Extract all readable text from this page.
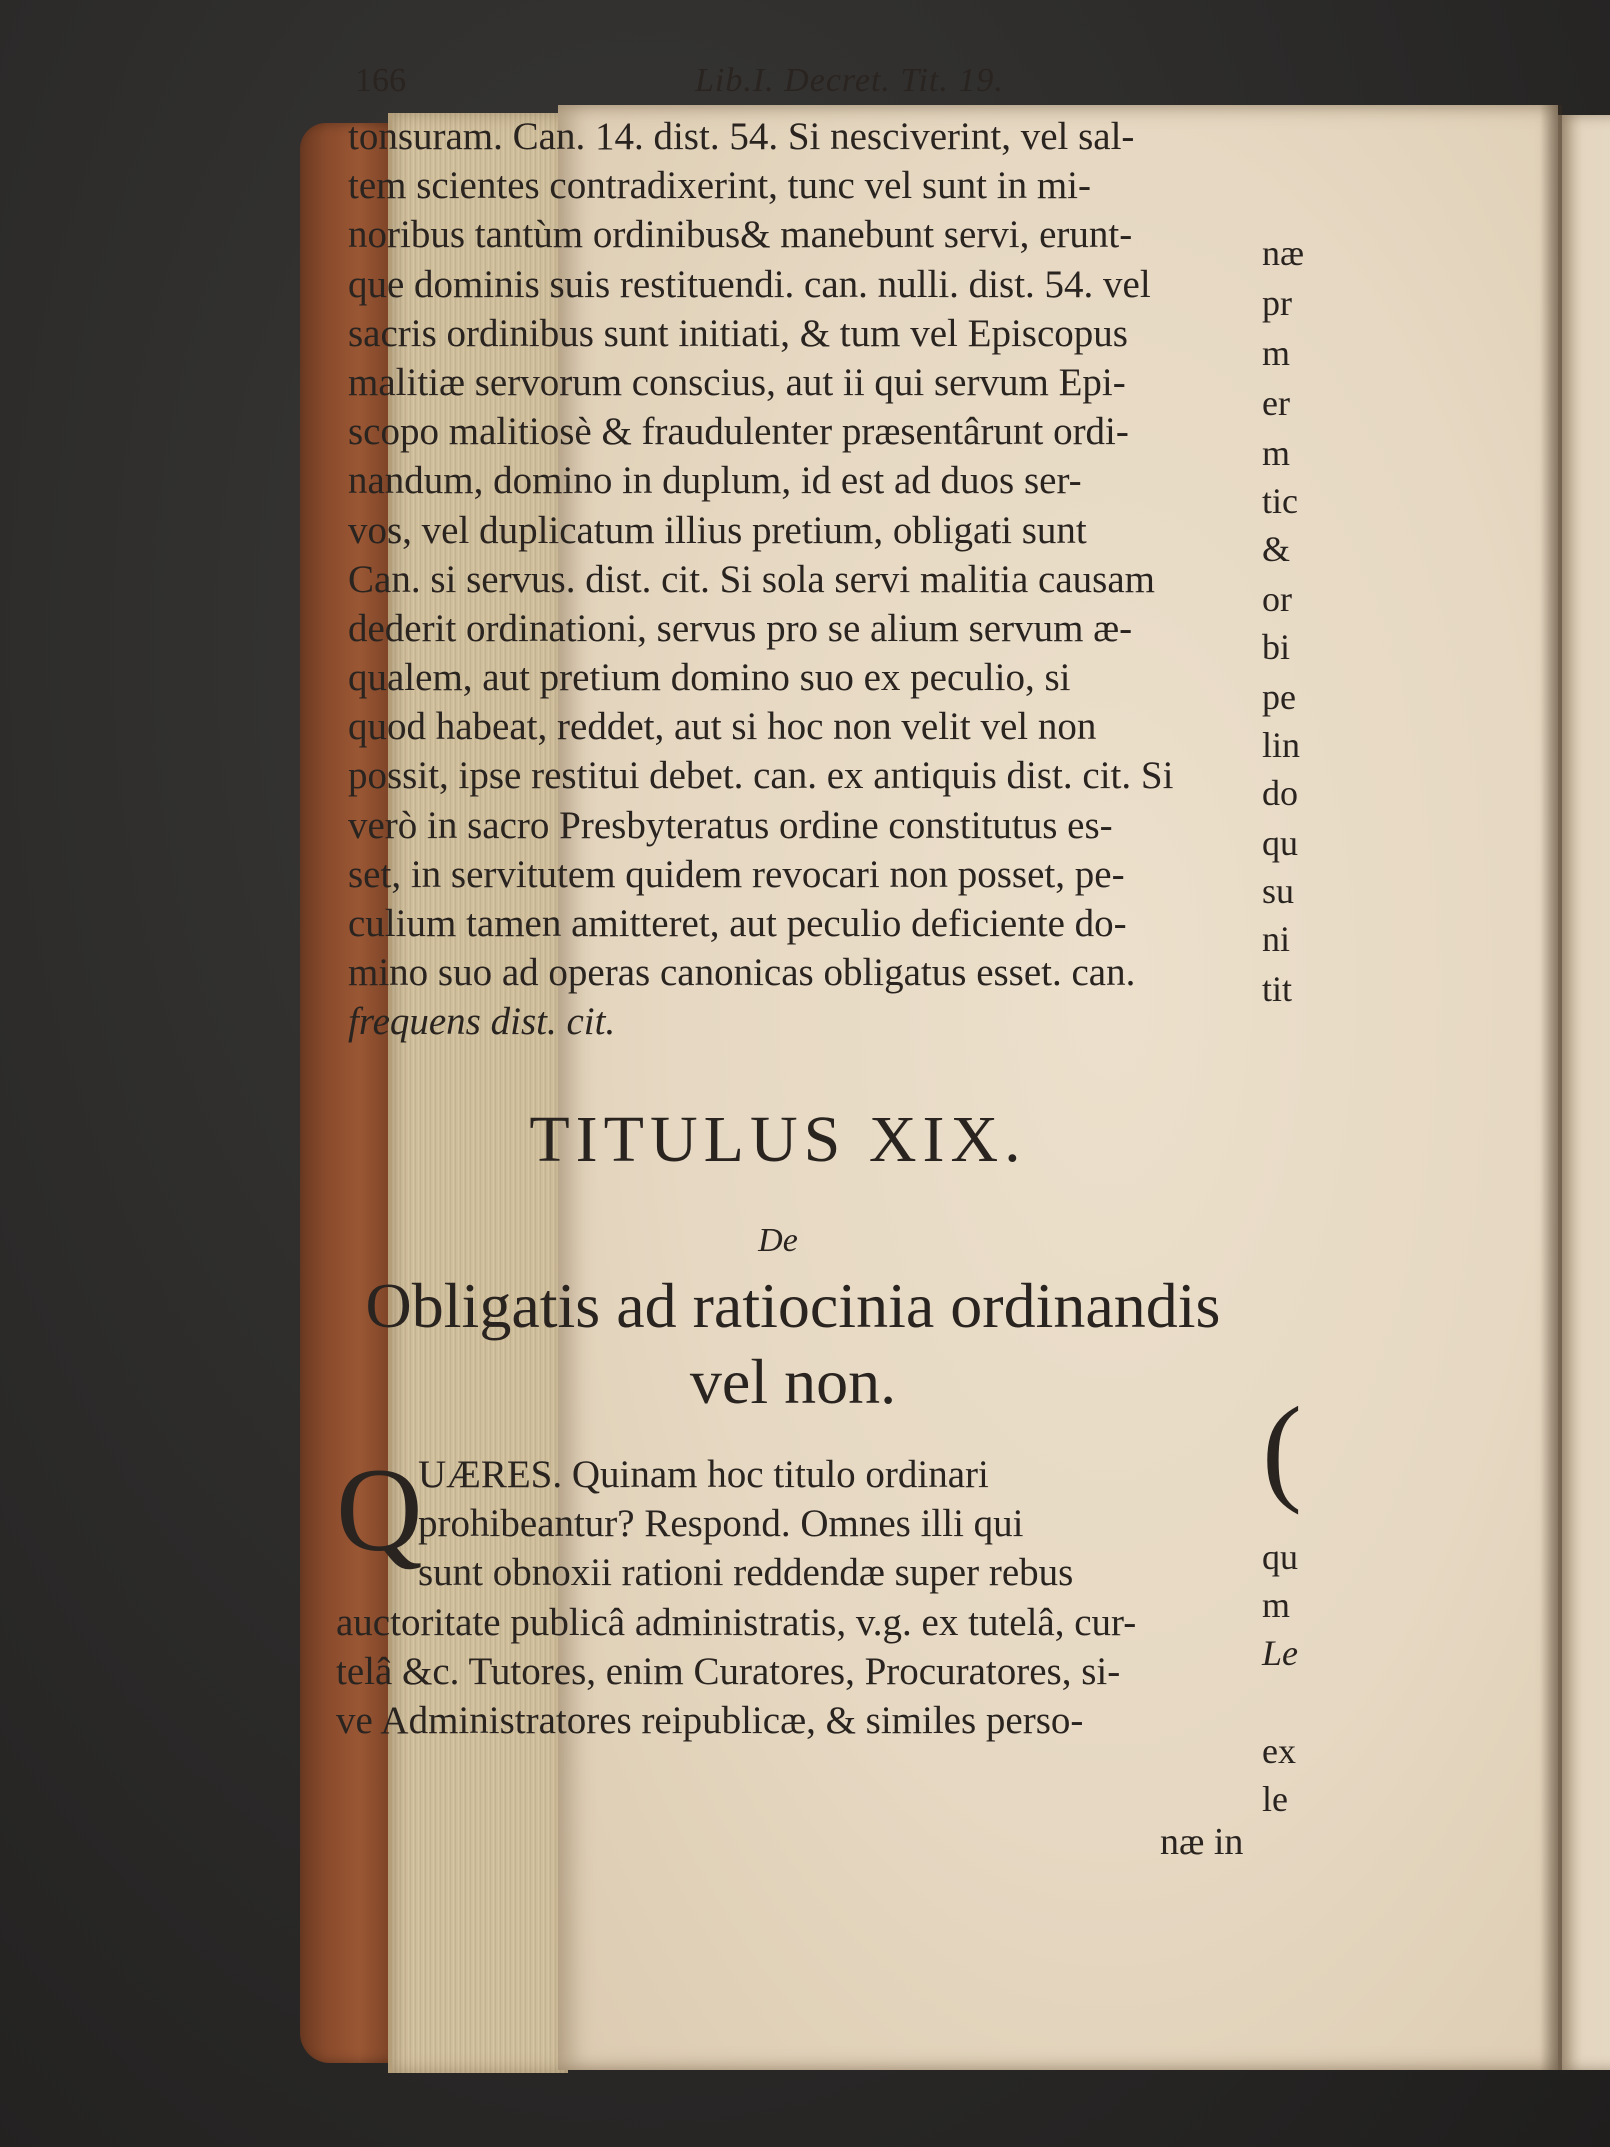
166	Lib.I. Decret. Tit. 19.
tonsuram. Can. 14. dist. 54. Si nesciverint, vel sal-
tem scientes contradixerint, tunc vel sunt in mi-
noribus tantùm ordinibus& manebunt servi, erunt-
que dominis suis restituendi. can. nulli. dist. 54. vel
sacris ordinibus sunt initiati, & tum vel Episcopus
malitiæ servorum conscius, aut ii qui servum Epi-
scopo malitiosè & fraudulenter præsentârunt ordi-
nandum, domino in duplum, id est ad duos ser-
vos, vel duplicatum illius pretium, obligati sunt
Can. si servus. dist. cit. Si sola servi malitia causam
dederit ordinationi, servus pro se alium servum æ-
qualem, aut pretium domino suo ex peculio, si
quod habeat, reddet, aut si hoc non velit vel non
possit, ipse restitui debet. can. ex antiquis dist. cit. Si
verò in sacro Presbyteratus ordine constitutus es-
set, in servitutem quidem revocari non posset, pe-
culium tamen amitteret, aut peculio deficiente do-
mino suo ad operas canonicas obligatus esset. can.
frequens dist. cit.
TITULUS XIX.
De
Obligatis ad ratiocinia ordinandis
vel non.
Q
UÆRES. Quinam hoc titulo ordinari
prohibeantur? Respond. Omnes illi qui
sunt obnoxii rationi reddendæ super rebus
auctoritate publicâ administratis, v.g. ex tutelâ, cur-
telâ &c. Tutores, enim Curatores, Procuratores, si-
ve Administratores reipublicæ, & similes perso-
næ in
næ
pr
m
er
m
tic
&
or
bi
pe
lin
do
qu
su
ni
tit
(
qu
m
Le
ex
le
